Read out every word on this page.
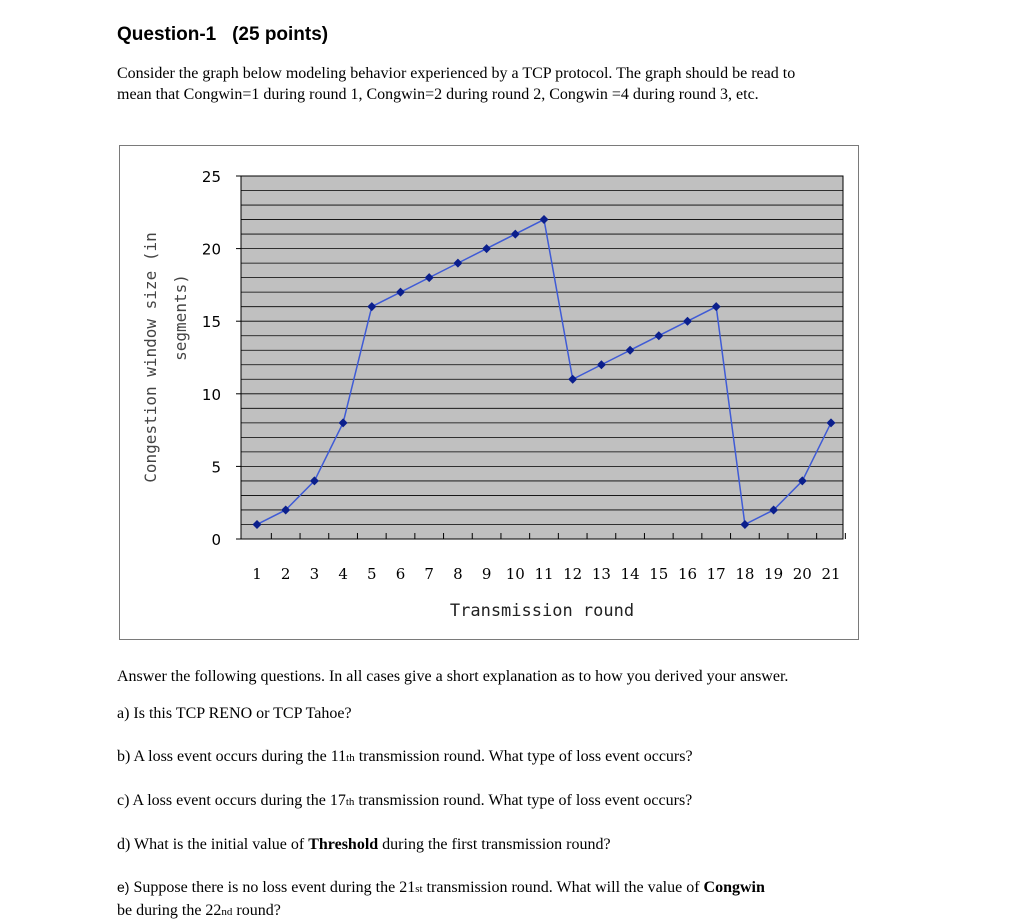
Question-1 (25 points)

Consider the graph below modeling behavior experienced by a TCP protocol. The graph should be read to

mean that Congwin=1 during round 1, Congwin=2 during round 2, Congwin =4 during round 3, etc.

0
5
10
15
20
25
1 2 3 4 5 6 7 8 9 10 11 12 13 14 15 16 17 18 19 20 21
Transmission round
Congestion window size (in segments)

Answer the following questions. In all cases give a short explanation as to how you derived your answer.

a) Is this TCP RENO or TCP Tahoe?

b) A loss event occurs during the 11th transmission round. What type of loss event occurs?

c) A loss event occurs during the 17th transmission round. What type of loss event occurs?

d) What is the initial value of Threshold during the first transmission round?

e) Suppose there is no loss event during the 21st transmission round. What will the value of Congwin

be during the 22nd round?
